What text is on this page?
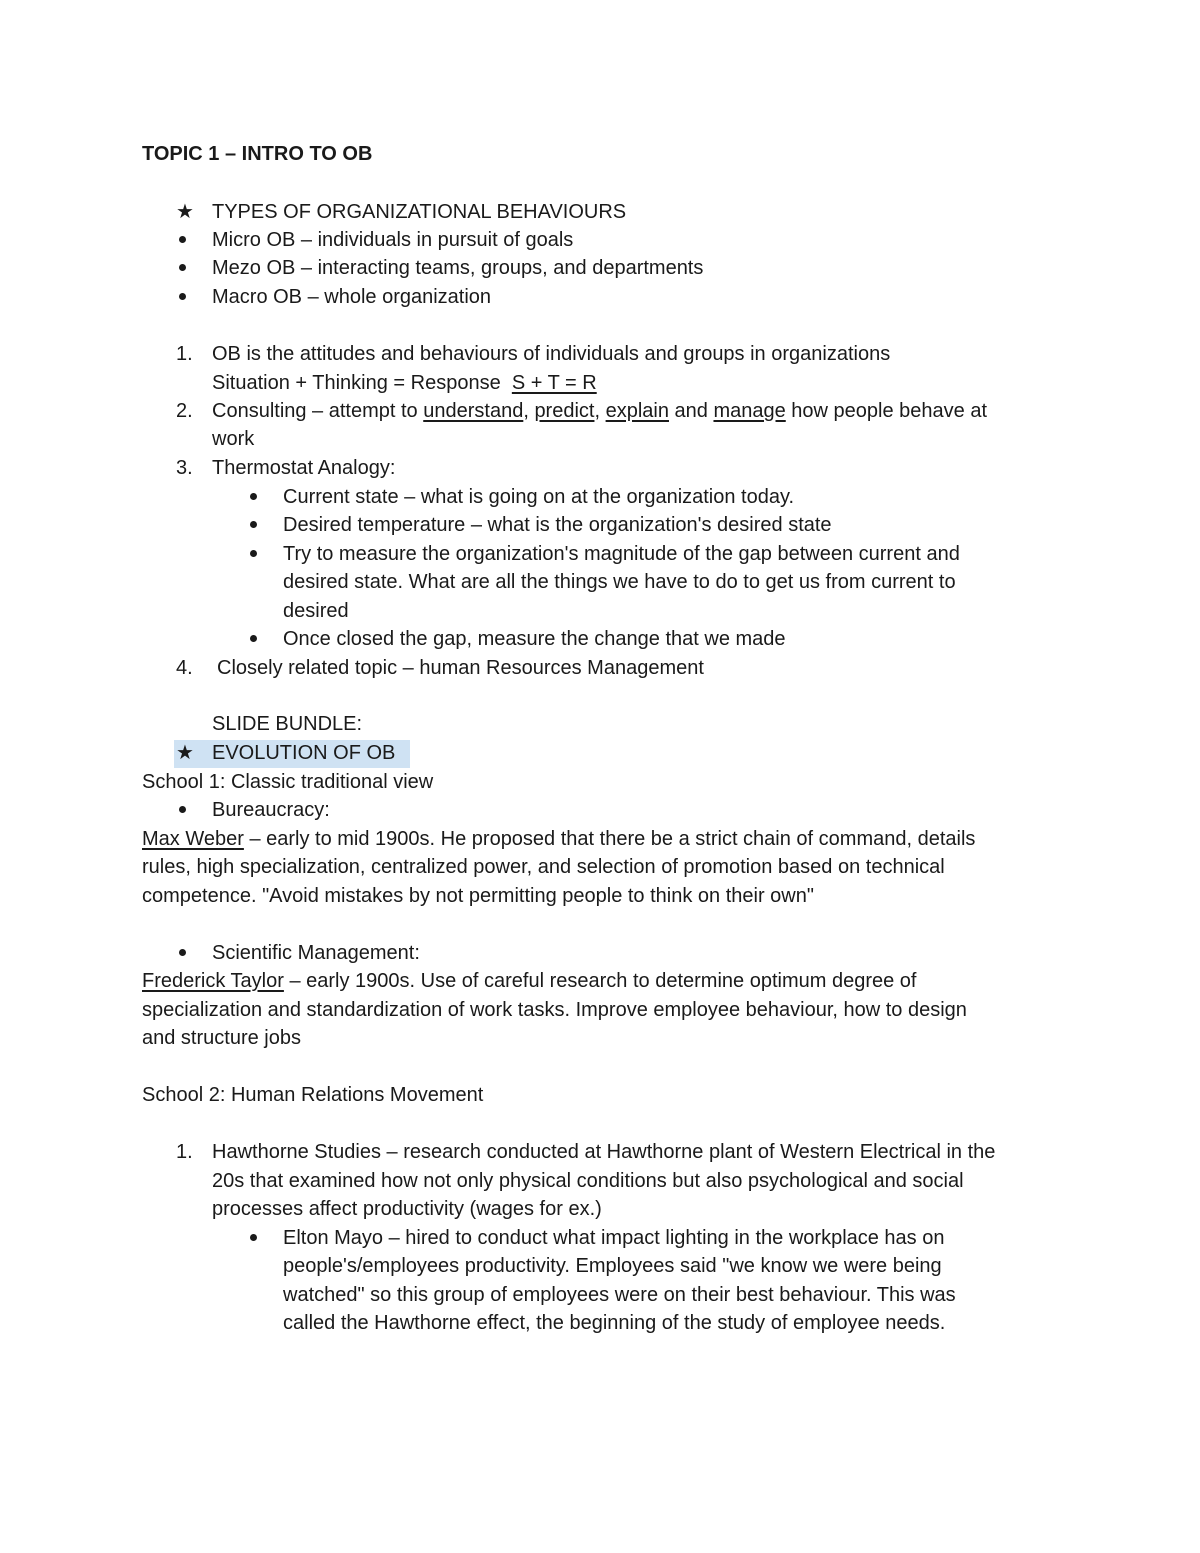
TOPIC 1 – INTRO TO OB
★ TYPES OF ORGANIZATIONAL BEHAVIOURS
Micro OB – individuals in pursuit of goals
Mezo OB – interacting teams, groups, and departments
Macro OB – whole organization
1. OB is the attitudes and behaviours of individuals and groups in organizations
Situation + Thinking = Response S + T = R
2. Consulting – attempt to understand, predict, explain and manage how people behave at
work
3. Thermostat Analogy:
Current state – what is going on at the organization today.
Desired temperature – what is the organization's desired state
Try to measure the organization's magnitude of the gap between current and
desired state. What are all the things we have to do to get us from current to
desired
Once closed the gap, measure the change that we made
4. Closely related topic – human Resources Management
SLIDE BUNDLE:
★ EVOLUTION OF OB
School 1: Classic traditional view
Bureaucracy:
Max Weber – early to mid 1900s. He proposed that there be a strict chain of command, details
rules, high specialization, centralized power, and selection of promotion based on technical
competence. "Avoid mistakes by not permitting people to think on their own"
Scientific Management:
Frederick Taylor – early 1900s. Use of careful research to determine optimum degree of
specialization and standardization of work tasks. Improve employee behaviour, how to design
and structure jobs
School 2: Human Relations Movement
1. Hawthorne Studies – research conducted at Hawthorne plant of Western Electrical in the
20s that examined how not only physical conditions but also psychological and social
processes affect productivity (wages for ex.)
Elton Mayo – hired to conduct what impact lighting in the workplace has on
people's/employees productivity. Employees said "we know we were being
watched" so this group of employees were on their best behaviour. This was
called the Hawthorne effect, the beginning of the study of employee needs.
